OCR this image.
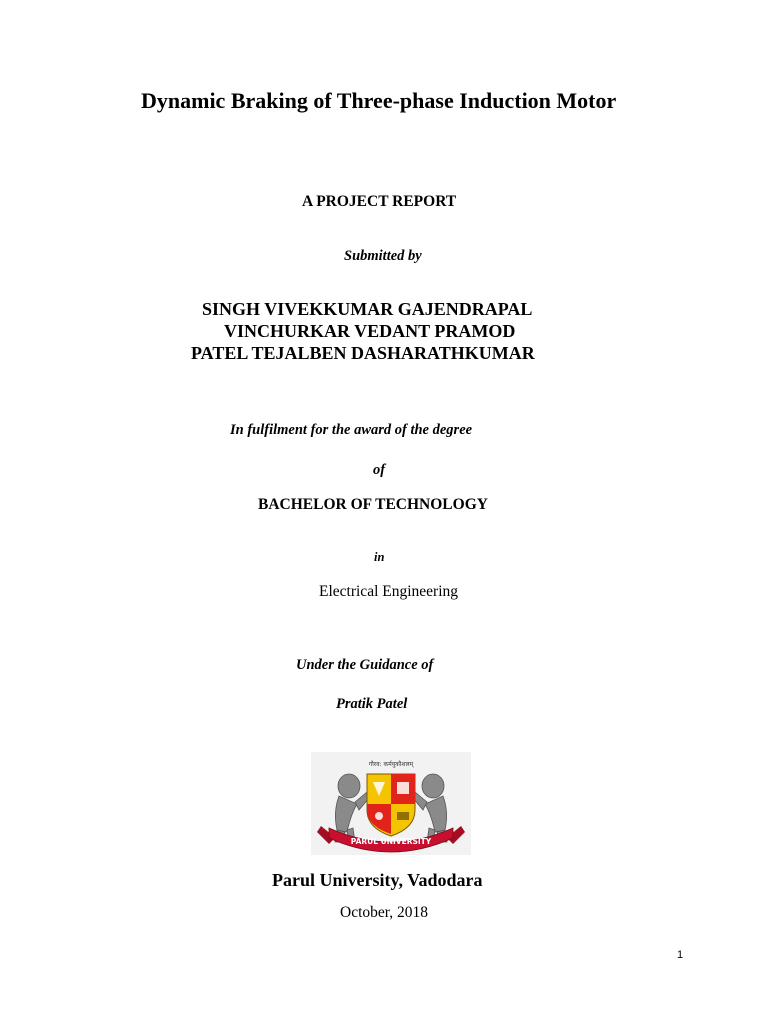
Dynamic Braking of Three-phase Induction Motor
A PROJECT REPORT
Submitted by
SINGH VIVEKKUMAR GAJENDRAPAL
VINCHURKAR VEDANT PRAMOD
PATEL TEJALBEN DASHARATHKUMAR
In fulfilment for the award of the degree
of
BACHELOR OF TECHNOLOGY
in
Electrical Engineering
Under the Guidance of
Pratik Patel
गौरव: कर्मयुकौशलम्
PARUL UNIVERSITY
Parul University, Vadodara
October, 2018
1
